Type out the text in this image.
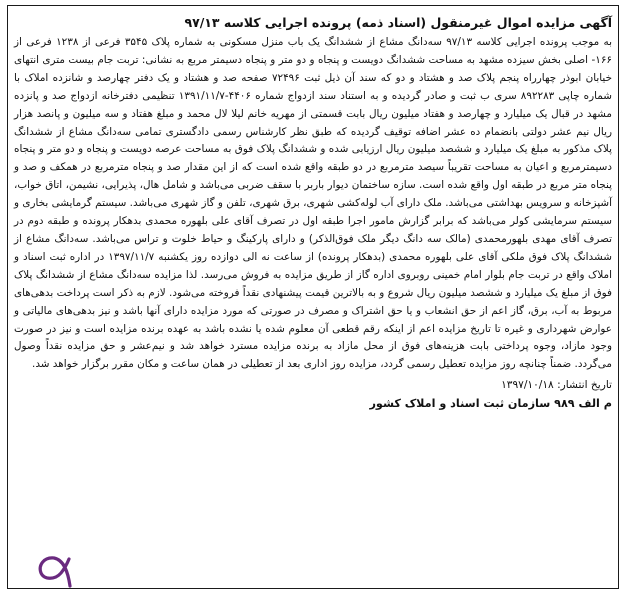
آگهی مزایده اموال غیرمنقول (اسناد ذمه) پرونده اجرایی کلاسه ۹۷/۱۳
به موجب پرونده اجرایی کلاسه ۹۷/۱۳ سه‌دانگ مشاع از ششدانگ یک باب منزل مسکونی به شماره پلاک ۳۵۴۵ فرعی از ۱۲۳۸ فرعی از ۱۶۶- اصلی بخش سیزده مشهد به مساحت ششدانگ دویست و پنجاه و دو متر و پنجاه دسیمتر مربع به نشانی: تربت جام بیست متری انتهای خیابان ابوذر چهارراه پنجم پلاک صد و هشتاد و دو که سند آن ذیل ثبت ۷۲۴۹۶ صفحه صد و هشتاد و یک دفتر چهارصد و شانزده املاک با شماره چاپی ۸۹۲۲۸۳ سری ب ثبت و صادر گردیده و به استناد سند ازدواج شماره ۴۴۰۶-۱۳۹۱/۱۱/۷ تنظیمی دفترخانه ازدواج صد و پانزده مشهد در قبال یک میلیارد و چهارصد و هفتاد میلیون ریال بابت قسمتی از مهریه خانم لیلا لال محمد و مبلغ هفتاد و سه میلیون و پانصد هزار ریال نیم عشر دولتی بانضمام ده عشر اضافه توقیف گردیده که طبق نظر کارشناس رسمی دادگستری تمامی سه‌دانگ مشاع از ششدانگ پلاک مذکور به مبلغ یک میلیارد و ششصد میلیون ریال ارزیابی شده و ششدانگ پلاک فوق به مساحت عرصه دویست و پنجاه و دو متر و پنجاه دسیمترمربع و اعیان به مساحت تقریباً سیصد مترمربع در دو طبقه واقع شده است که از این مقدار صد و پنجاه مترمربع در همکف و صد و پنجاه متر مربع در طبقه اول واقع شده است. سازه ساختمان دیوار باربر با سقف ضربی می‌باشد و شامل هال، پذیرایی، نشیمن، اتاق خواب، آشپزخانه و سرویس بهداشتی می‌باشد. ملک دارای آب لوله‌کشی شهری، برق شهری، تلفن و گاز شهری می‌باشد. سیستم گرمایشی بخاری و سیستم سرمایشی کولر می‌باشد که برابر گزارش مامور اجرا طبقه اول در تصرف آقای علی بلهوره محمدی بدهکار پرونده و طبقه دوم در تصرف آقای مهدی بلهورمحمدی (مالک سه دانگ دیگر ملک فوق‌الذکر) و دارای پارکینگ و حیاط خلوت و تراس می‌باشد. سه‌دانگ مشاع از ششدانگ پلاک فوق ملکی آقای علی بلهوره محمدی (بدهکار پرونده) از ساعت نه الی دوازده روز یکشنبه ۱۳۹۷/۱۱/۷ در اداره ثبت اسناد و املاک واقع در تربت جام بلوار امام خمینی روبروی اداره گاز از طریق مزایده به فروش می‌رسد. لذا مزایده سه‌دانگ مشاع از ششدانگ پلاک فوق از مبلغ یک میلیارد و ششصد میلیون ریال شروع و به بالاترین قیمت پیشنهادی نقداً فروخته می‌شود. لازم به ذکر است پرداخت بدهی‌های مربوط به آب، برق، گاز اعم از حق انشعاب و یا حق اشتراک و مصرف در صورتی که مورد مزایده دارای آنها باشد و نیز بدهی‌های مالیاتی و عوارض شهرداری و غیره تا تاریخ مزایده اعم از اینکه رقم قطعی آن معلوم شده یا نشده باشد به عهده برنده مزایده است و نیز در صورت وجود مازاد، وجوه پرداختی بابت هزینه‌های فوق از محل مازاد به برنده مزایده مسترد خواهد شد و نیم‌عشر و حق مزایده نقداً وصول می‌گردد. ضمناً چنانچه روز مزایده تعطیل رسمی گردد، مزایده روز اداری بعد از تعطیلی در همان ساعت و مکان مقرر برگزار خواهد شد.
تاریخ انتشار: ۱۳۹۷/۱۰/۱۸
م الف ۹۸۹ سازمان ثبت اسناد و املاک کشور
